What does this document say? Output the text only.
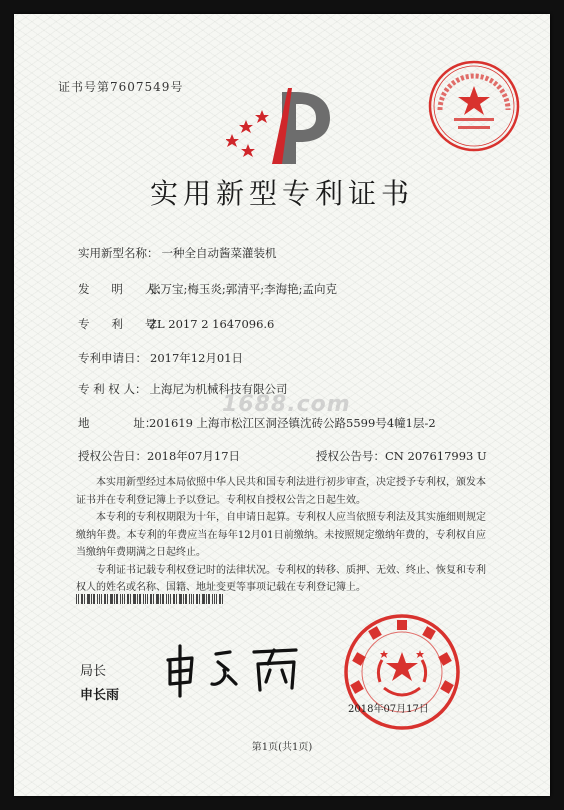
证书号第7607549号
实用新型专利证书
实用新型名称： 一种全自动酱菜灌装机
发      明      人：张万宝;梅玉炎;郭清平;李海艳;孟向克
专      利      号：ZL 2017 2 1647096.6
专利申请日： 2017年12月01日
专 利 权 人： 上海尼为机械科技有限公司
地            址：201619 上海市松江区洞泾镇沈砖公路5599号4幢1层-2
1688.com
授权公告日：2018年07月17日	授权公告号：CN 207617993 U

本实用新型经过本局依照中华人民共和国专利法进行初步审查，决定授予专利权，颁发本证书并在专利登记簿上予以登记。专利权自授权公告之日起生效。

本专利的专利权期限为十年，自申请日起算。专利权人应当依照专利法及其实施细则规定缴纳年费。本专利的年费应当在每年12月01日前缴纳。未按照规定缴纳年费的，专利权自应当缴纳年费期满之日起终止。

专利证书记载专利权登记时的法律状况。专利权的转移、质押、无效、终止、恢复和专利权人的姓名或名称、国籍、地址变更等事项记载在专利登记簿上。

局长
申长雨
2018年07月17日
第1页(共1页)
